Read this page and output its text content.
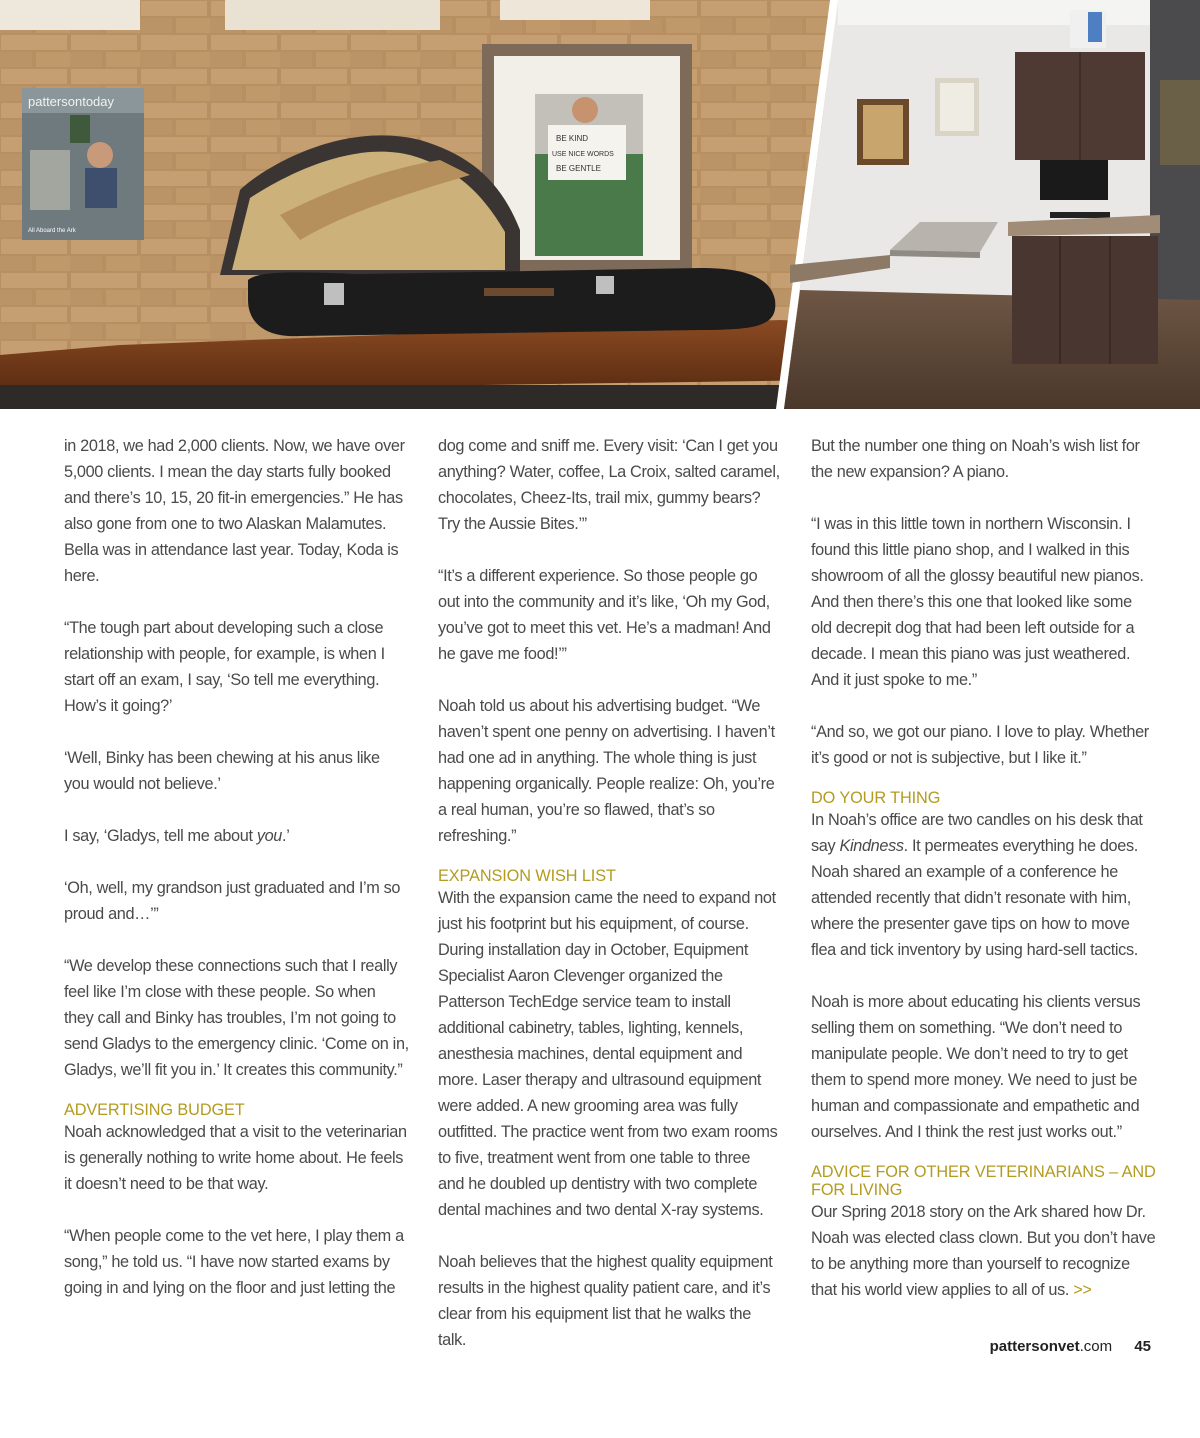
pattersontoday
All Aboard the Ark
BE KIND
USE NICE WORDS
BE GENTLE

in 2018, we had 2,000 clients. Now, we have over 5,000 clients. I mean the day starts fully booked and there’s 10, 15, 20 fit-in emergencies.” He has also gone from one to two Alaskan Malamutes. Bella was in attendance last year. Today, Koda is here.

“The tough part about developing such a close relationship with people, for example, is when I start off an exam, I say, ‘So tell me everything. How’s it going?’

‘Well, Binky has been chewing at his anus like you would not believe.’

I say, ‘Gladys, tell me about you.’

‘Oh, well, my grandson just graduated and I’m so proud and…’”

“We develop these connections such that I really feel like I’m close with these people. So when they call and Binky has troubles, I’m not going to send Gladys to the emergency clinic. ‘Come on in, Gladys, we’ll fit you in.’ It creates this community.”

ADVERTISING BUDGET

Noah acknowledged that a visit to the veterinarian is generally nothing to write home about. He feels it doesn’t need to be that way.

“When people come to the vet here, I play them a song,” he told us. “I have now started exams by going in and lying on the floor and just letting the

dog come and sniff me. Every visit: ‘Can I get you anything? Water, coffee, La Croix, salted caramel, chocolates, Cheez-Its, trail mix, gummy bears? Try the Aussie Bites.’”

“It’s a different experience. So those people go out into the community and it’s like, ‘Oh my God, you’ve got to meet this vet. He’s a madman! And he gave me food!’”

Noah told us about his advertising budget. “We haven’t spent one penny on advertising. I haven’t had one ad in anything. The whole thing is just happening organically. People realize: Oh, you’re a real human, you’re so flawed, that’s so refreshing.”

EXPANSION WISH LIST

With the expansion came the need to expand not just his footprint but his equipment, of course. During installation day in October, Equipment Specialist Aaron Clevenger organized the Patterson TechEdge service team to install additional cabinetry, tables, lighting, kennels, anesthesia machines, dental equipment and more. Laser therapy and ultrasound equipment were added. A new grooming area was fully outfitted. The practice went from two exam rooms to five, treatment went from one table to three and he doubled up dentistry with two complete dental machines and two dental X-ray systems.

Noah believes that the highest quality equipment results in the highest quality patient care, and it’s clear from his equipment list that he walks the talk.

But the number one thing on Noah’s wish list for the new expansion? A piano.

“I was in this little town in northern Wisconsin. I found this little piano shop, and I walked in this showroom of all the glossy beautiful new pianos. And then there’s this one that looked like some old decrepit dog that had been left outside for a decade. I mean this piano was just weathered. And it just spoke to me.”

“And so, we got our piano. I love to play. Whether it’s good or not is subjective, but I like it.”

DO YOUR THING

In Noah’s office are two candles on his desk that say Kindness. It permeates everything he does. Noah shared an example of a conference he attended recently that didn’t resonate with him, where the presenter gave tips on how to move flea and tick inventory by using hard-sell tactics.

Noah is more about educating his clients versus selling them on something. “We don’t need to manipulate people. We don’t need to try to get them to spend more money. We need to just be human and compassionate and empathetic and ourselves. And I think the rest just works out.”

ADVICE FOR OTHER VETERINARIANS – AND FOR LIVING

Our Spring 2018 story on the Ark shared how Dr. Noah was elected class clown. But you don’t have to be anything more than yourself to recognize that his world view applies to all of us. >>

pattersonvet.com 45
